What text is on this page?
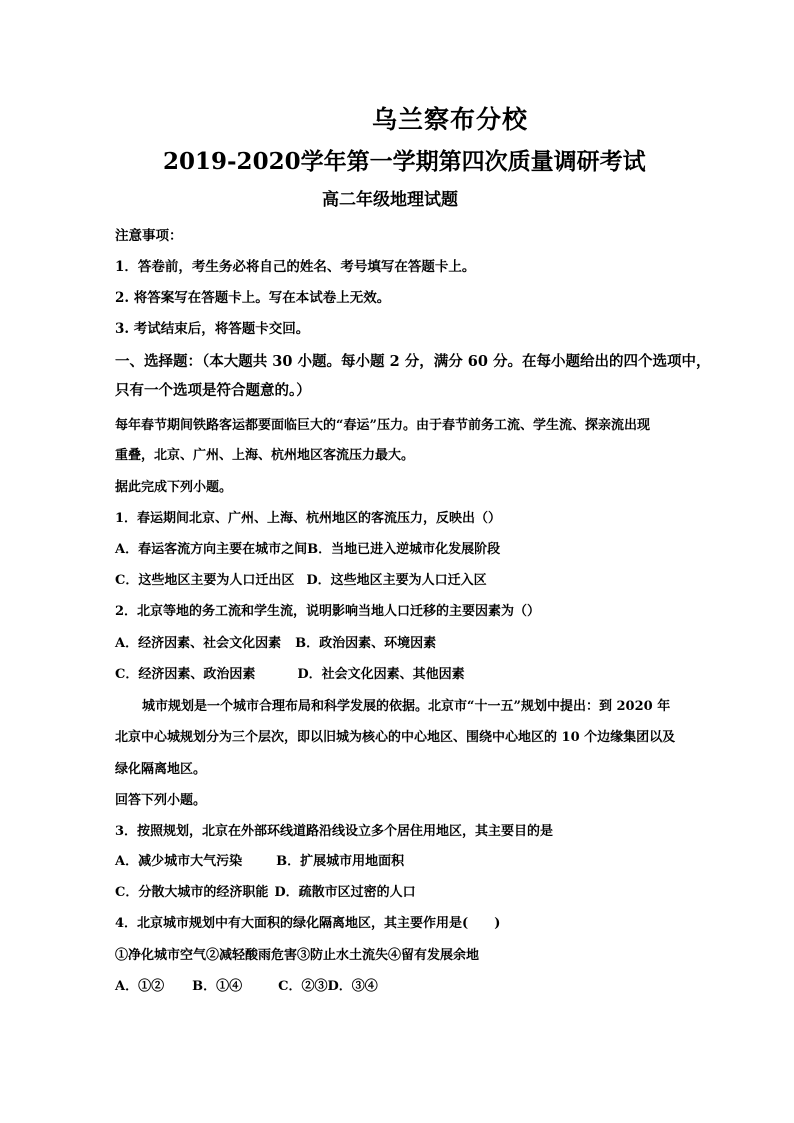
乌兰察布分校
2019-2020学年第一学期第四次质量调研考试
高二年级地理试题
注意事项：
1．答卷前，考生务必将自己的姓名、考号填写在答题卡上。
2. 将答案写在答题卡上。写在本试卷上无效。
3. 考试结束后，将答题卡交回。
一、选择题：（本大题共 30 小题。每小题 2 分，满分 60 分。在每小题给出的四个选项中，
只有一个选项是符合题意的。）
每年春节期间铁路客运都要面临巨大的“春运”压力。由于春节前务工流、学生流、探亲流出现
重叠，北京、广州、上海、杭州地区客流压力最大。
据此完成下列小题。
1．春运期间北京、广州、上海、杭州地区的客流压力，反映出（）
A．春运客流方向主要在城市之间B．当地已进入逆城市化发展阶段
C．这些地区主要为人口迁出区 D．这些地区主要为人口迁入区
2．北京等地的务工流和学生流，说明影响当地人口迁移的主要因素为（）
A．经济因素、社会文化因素 B．政治因素、环境因素
C．经济因素、政治因素	D．社会文化因素、其他因素
城市规划是一个城市合理布局和科学发展的依据。北京市“十一五”规划中提出：到 2020 年
北京中心城规划分为三个层次，即以旧城为核心的中心地区、围绕中心地区的 10 个边缘集团以及
绿化隔离地区。
回答下列小题。
3．按照规划，北京在外部环线道路沿线设立多个居住用地区，其主要目的是
A．减少城市大气污染	B．扩展城市用地面积
C．分散大城市的经济职能 D．疏散市区过密的人口
4．北京城市规划中有大面积的绿化隔离地区，其主要作用是(　　)
①净化城市空气②减轻酸雨危害③防止水土流失④留有发展余地
A．①② B．①④	C．②③D．③④
